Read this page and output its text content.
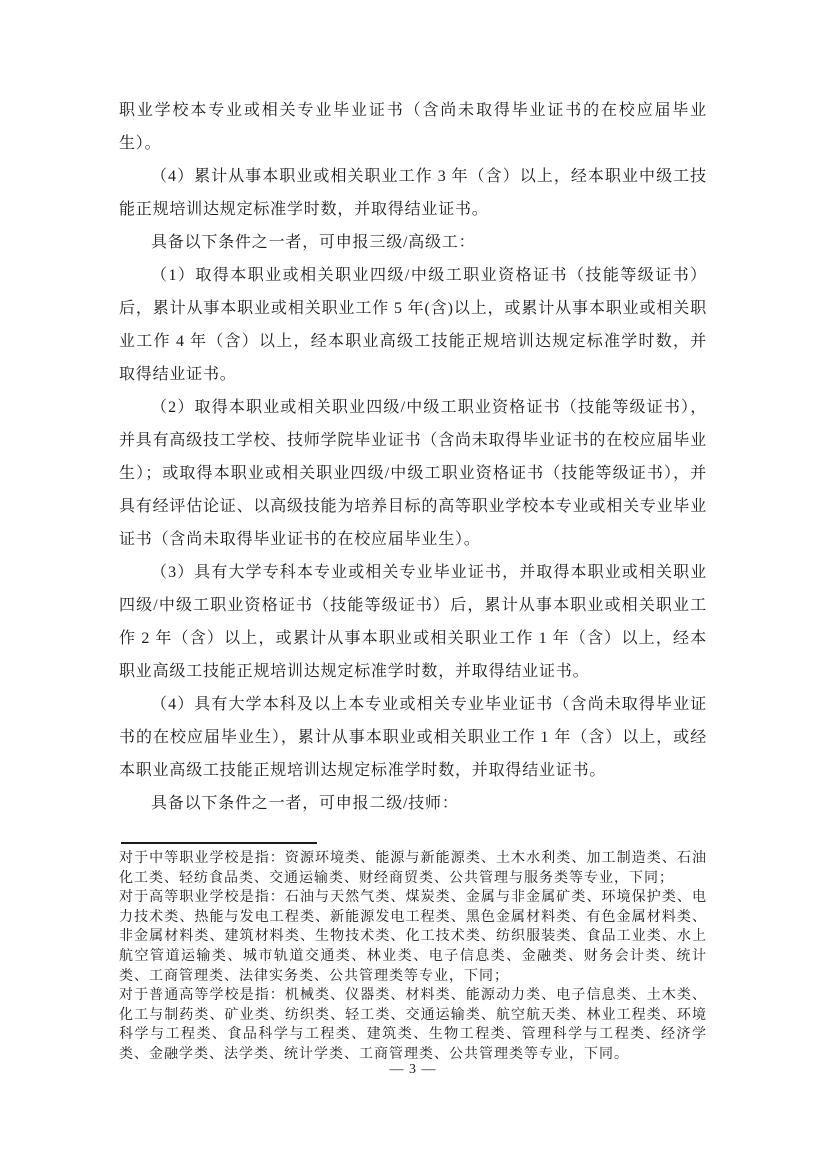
职业学校本专业或相关专业毕业证书（含尚未取得毕业证书的在校应届毕业生）。

（4）累计从事本职业或相关职业工作 3 年（含）以上，经本职业中级工技能正规培训达规定标准学时数，并取得结业证书。

具备以下条件之一者，可申报三级/高级工：

（1）取得本职业或相关职业四级/中级工职业资格证书（技能等级证书）后，累计从事本职业或相关职业工作 5 年(含)以上，或累计从事本职业或相关职业工作 4 年（含）以上，经本职业高级工技能正规培训达规定标准学时数，并取得结业证书。

（2）取得本职业或相关职业四级/中级工职业资格证书（技能等级证书），并具有高级技工学校、技师学院毕业证书（含尚未取得毕业证书的在校应届毕业生）；或取得本职业或相关职业四级/中级工职业资格证书（技能等级证书），并具有经评估论证、以高级技能为培养目标的高等职业学校本专业或相关专业毕业证书（含尚未取得毕业证书的在校应届毕业生）。

（3）具有大学专科本专业或相关专业毕业证书，并取得本职业或相关职业四级/中级工职业资格证书（技能等级证书）后，累计从事本职业或相关职业工作 2 年（含）以上，或累计从事本职业或相关职业工作 1 年（含）以上，经本职业高级工技能正规培训达规定标准学时数，并取得结业证书。

（4）具有大学本科及以上本专业或相关专业毕业证书（含尚未取得毕业证书的在校应届毕业生），累计从事本职业或相关职业工作 1 年（含）以上，或经本职业高级工技能正规培训达规定标准学时数，并取得结业证书。

具备以下条件之一者，可申报二级/技师：

对于中等职业学校是指：资源环境类、能源与新能源类、土木水利类、加工制造类、石油化工类、轻纺食品类、交通运输类、财经商贸类、公共管理与服务类等专业，下同；

对于高等职业学校是指：石油与天然气类、煤炭类、金属与非金属矿类、环境保护类、电力技术类、热能与发电工程类、新能源发电工程类、黑色金属材料类、有色金属材料类、非金属材料类、建筑材料类、生物技术类、化工技术类、纺织服装类、食品工业类、水上航空管道运输类、城市轨道交通类、林业类、电子信息类、金融类、财务会计类、统计类、工商管理类、法律实务类、公共管理类等专业，下同；

对于普通高等学校是指：机械类、仪器类、材料类、能源动力类、电子信息类、土木类、化工与制药类、矿业类、纺织类、轻工类、交通运输类、航空航天类、林业工程类、环境科学与工程类、食品科学与工程类、建筑类、生物工程类、管理科学与工程类、经济学类、金融学类、法学类、统计学类、工商管理类、公共管理类等专业，下同。

— 3 —
